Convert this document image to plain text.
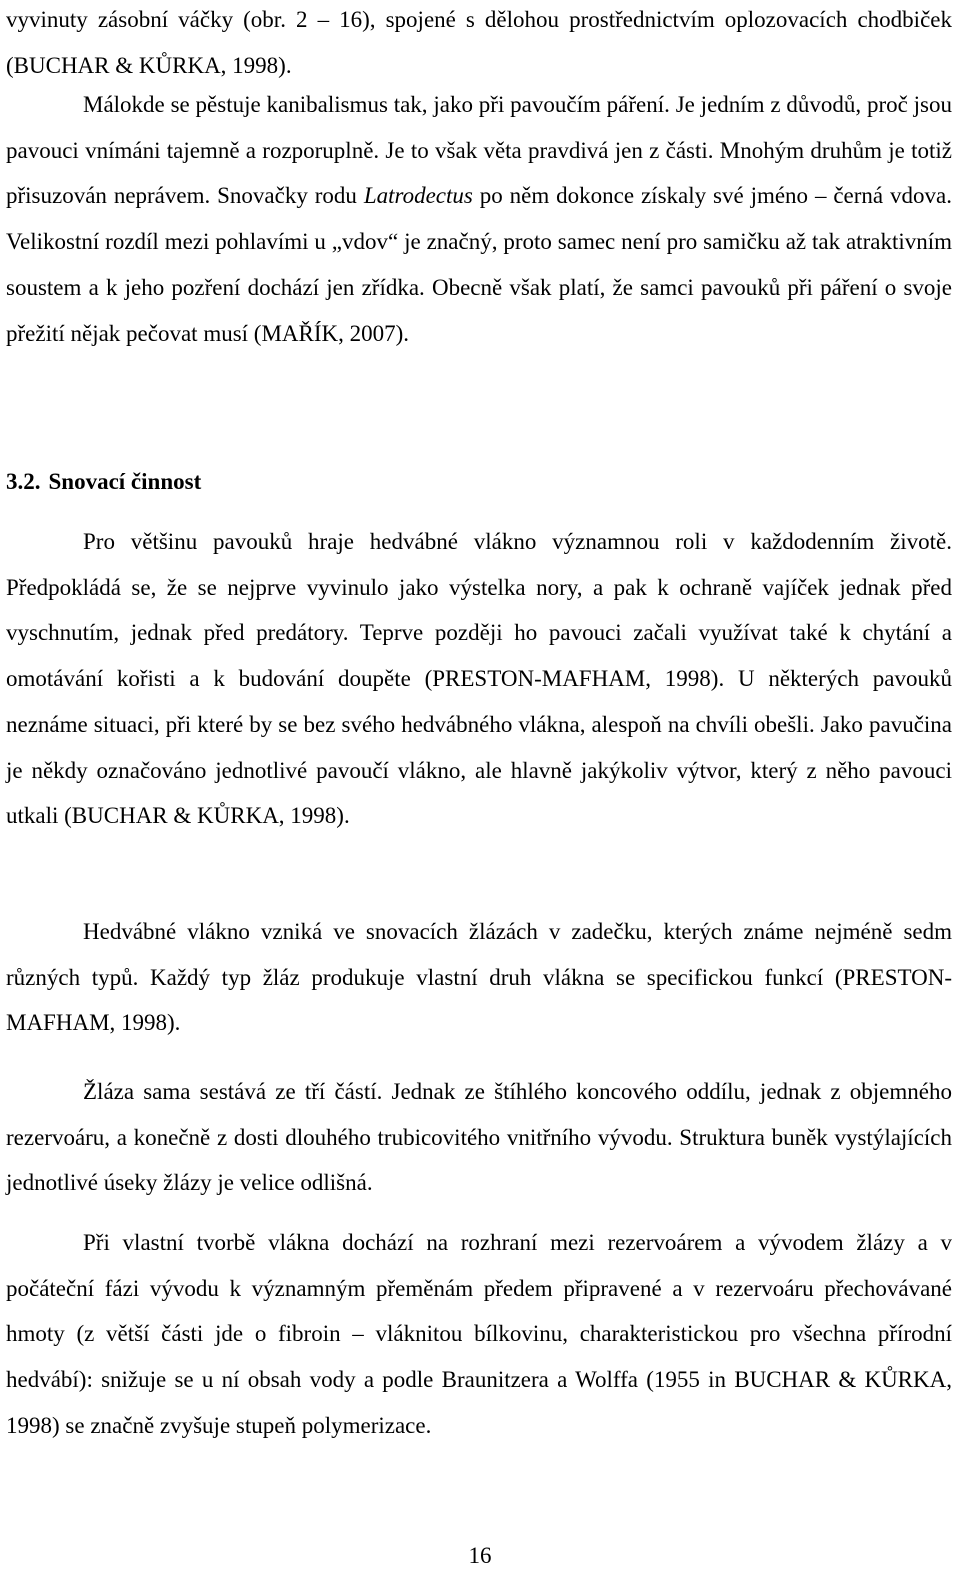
vyvinuty zásobní váčky (obr. 2 – 16), spojené s dělohou prostřednictvím oplozovacích chodbiček (BUCHAR & KŮRKA, 1998).

Málokde se pěstuje kanibalismus tak, jako při pavoučím páření. Je jedním z důvodů, proč jsou pavouci vnímáni tajemně a rozporuplně. Je to však věta pravdivá jen z části. Mnohým druhům je totiž přisuzován neprávem. Snovačky rodu Latrodectus po něm dokonce získaly své jméno – černá vdova. Velikostní rozdíl mezi pohlavími u „vdov“ je značný, proto samec není pro samičku až tak atraktivním soustem a k jeho pozření dochází jen zřídka. Obecně však platí, že samci pavouků při páření o svoje přežití nějak pečovat musí (MAŘÍK, 2007).

3.2. Snovací činnost

Pro většinu pavouků hraje hedvábné vlákno významnou roli v každodenním životě. Předpokládá se, že se nejprve vyvinulo jako výstelka nory, a pak k ochraně vajíček jednak před vyschnutím, jednak před predátory. Teprve později ho pavouci začali využívat také k chytání a omotávání kořisti a k budování doupěte (PRESTON-MAFHAM, 1998). U některých pavouků neznáme situaci, při které by se bez svého hedvábného vlákna, alespoň na chvíli obešli. Jako pavučina je někdy označováno jednotlivé pavoučí vlákno, ale hlavně jakýkoliv výtvor, který z něho pavouci utkali (BUCHAR & KŮRKA, 1998).

Hedvábné vlákno vzniká ve snovacích žlázách v zadečku, kterých známe nejméně sedm různých typů. Každý typ žláz produkuje vlastní druh vlákna se specifickou funkcí (PRESTON-MAFHAM, 1998).

Žláza sama sestává ze tří částí. Jednak ze štíhlého koncového oddílu, jednak z objemného rezervoáru, a konečně z dosti dlouhého trubicovitého vnitřního vývodu. Struktura buněk vystýlajících jednotlivé úseky žlázy je velice odlišná.

Při vlastní tvorbě vlákna dochází na rozhraní mezi rezervoárem a vývodem žlázy a v počáteční fázi vývodu k významným přeměnám předem připravené a v rezervoáru přechovávané hmoty (z větší části jde o fibroin – vláknitou bílkovinu, charakteristickou pro všechna přírodní hedvábí): snižuje se u ní obsah vody a podle Braunitzera a Wolffa (1955 in BUCHAR & KŮRKA, 1998) se značně zvyšuje stupeň polymerizace.

16
